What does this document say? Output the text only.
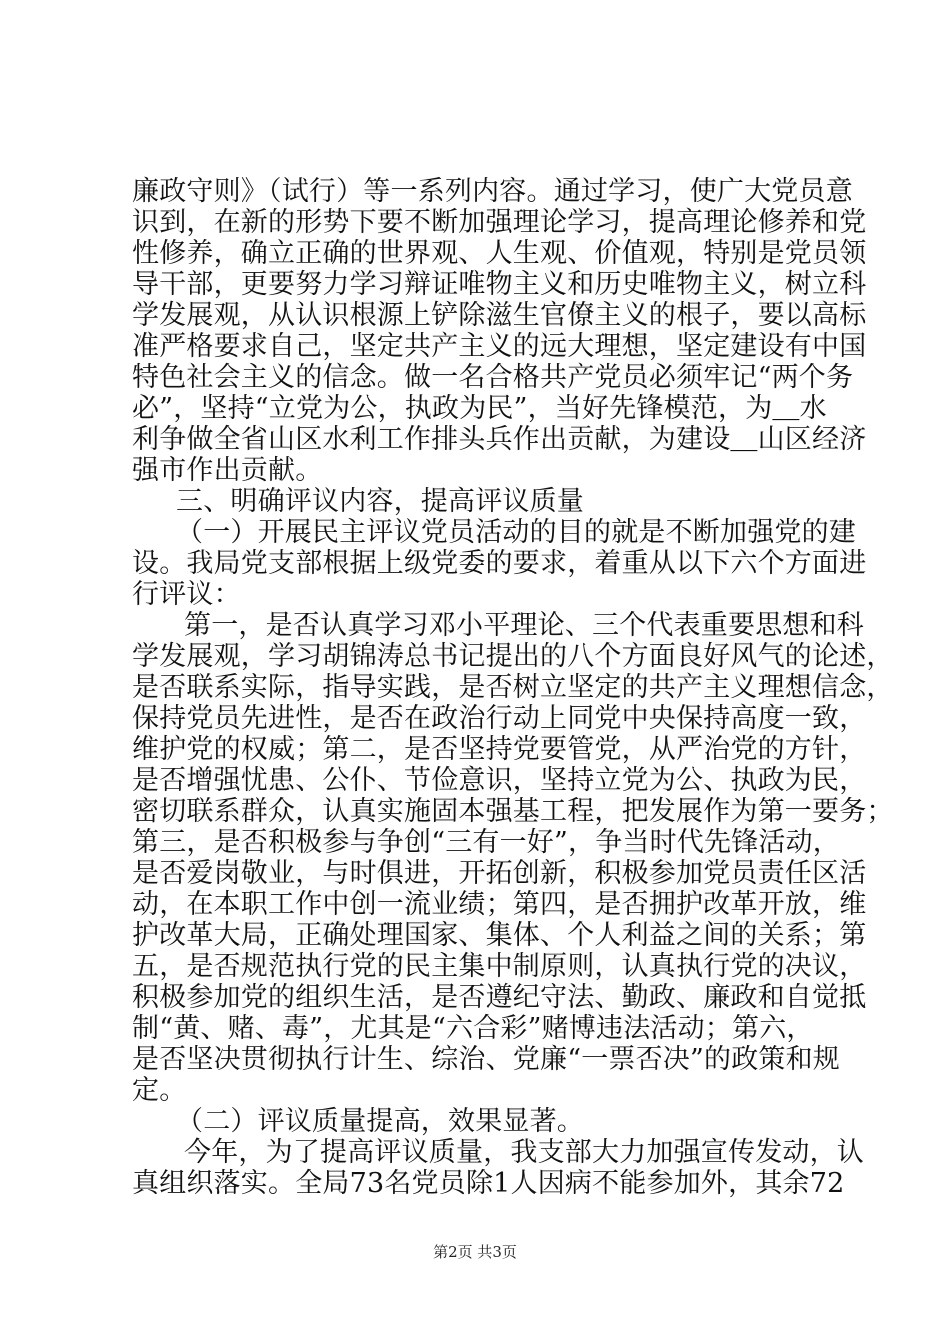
廉政守则》（试行）等一系列内容。通过学习，使广大党员意
识到，在新的形势下要不断加强理论学习，提高理论修养和党
性修养，确立正确的世界观、人生观、价值观，特别是党员领
导干部，更要努力学习辩证唯物主义和历史唯物主义，树立科
学发展观，从认识根源上铲除滋生官僚主义的根子，要以高标
准严格要求自己，坚定共产主义的远大理想，坚定建设有中国
特色社会主义的信念。做一名合格共产党员必须牢记“两个务
必”，坚持“立党为公，执政为民”，当好先锋模范，为＿水
利争做全省山区水利工作排头兵作出贡献，为建设＿山区经济
强市作出贡献。
三、明确评议内容，提高评议质量
（一）开展民主评议党员活动的目的就是不断加强党的建
设。我局党支部根据上级党委的要求，着重从以下六个方面进
行评议：
第一，是否认真学习邓小平理论、三个代表重要思想和科
学发展观，学习胡锦涛总书记提出的八个方面良好风气的论述，
是否联系实际，指导实践，是否树立坚定的共产主义理想信念，
保持党员先进性，是否在政治行动上同党中央保持高度一致，
维护党的权威；第二，是否坚持党要管党，从严治党的方针，
是否增强忧患、公仆、节俭意识，坚持立党为公、执政为民，
密切联系群众，认真实施固本强基工程，把发展作为第一要务；
第三，是否积极参与争创“三有一好”，争当时代先锋活动，
是否爱岗敬业，与时俱进，开拓创新，积极参加党员责任区活
动，在本职工作中创一流业绩；第四，是否拥护改革开放，维
护改革大局，正确处理国家、集体、个人利益之间的关系；第
五，是否规范执行党的民主集中制原则，认真执行党的决议，
积极参加党的组织生活，是否遵纪守法、勤政、廉政和自觉抵
制“黄、赌、毒”，尤其是“六合彩”赌博违法活动；第六，
是否坚决贯彻执行计生、综治、党廉“一票否决”的政策和规
定。
（二）评议质量提高，效果显著。
今年，为了提高评议质量，我支部大力加强宣传发动，认
真组织落实。全局73名党员除1人因病不能参加外，其余72
第2页 共3页
